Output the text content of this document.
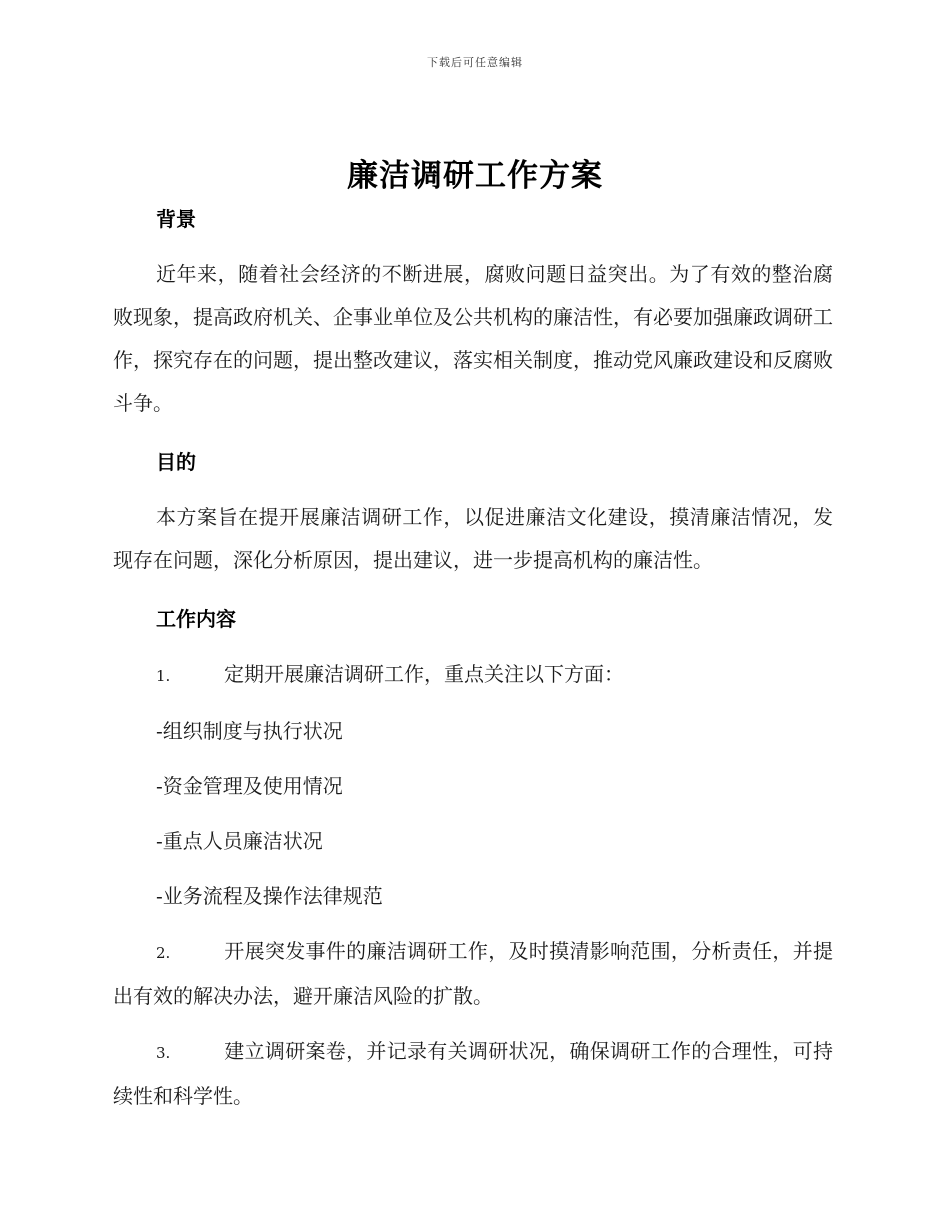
下载后可任意编辑
廉洁调研工作方案

背景

近年来，随着社会经济的不断进展，腐败问题日益突出。为了有效的整治腐败现象，提高政府机关、企事业单位及公共机构的廉洁性，有必要加强廉政调研工作，探究存在的问题，提出整改建议，落实相关制度，推动党风廉政建设和反腐败斗争。

目的

本方案旨在提开展廉洁调研工作，以促进廉洁文化建设，摸清廉洁情况，发现存在问题，深化分析原因，提出建议，进一步提高机构的廉洁性。

工作内容

1.	定期开展廉洁调研工作，重点关注以下方面：

-组织制度与执行状况

-资金管理及使用情况

-重点人员廉洁状况

-业务流程及操作法律规范

2.	开展突发事件的廉洁调研工作，及时摸清影响范围，分析责任，并提出有效的解决办法，避开廉洁风险的扩散。

3.	建立调研案卷，并记录有关调研状况，确保调研工作的合理性，可持续性和科学性。
